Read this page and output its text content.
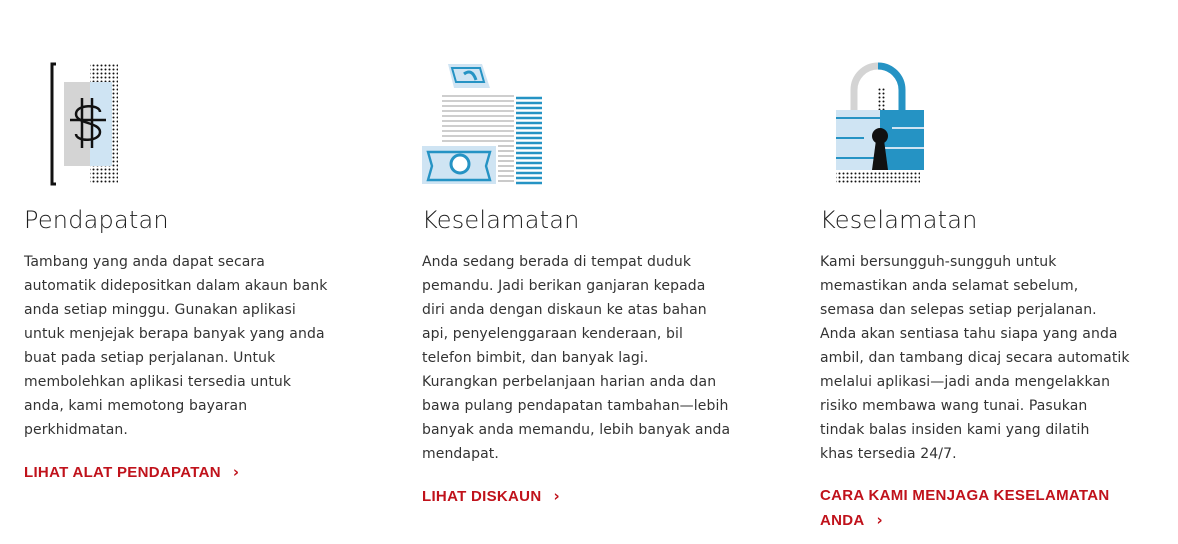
Pendapatan

Tambang yang anda dapat secara
automatik didepositkan dalam akaun bank
anda setiap minggu. Gunakan aplikasi
untuk menjejak berapa banyak yang anda
buat pada setiap perjalanan. Untuk
membolehkan aplikasi tersedia untuk
anda, kami memotong bayaran
perkhidmatan.

LIHAT ALAT PENDAPATAN ›
Keselamatan

Anda sedang berada di tempat duduk
pemandu. Jadi berikan ganjaran kepada
diri anda dengan diskaun ke atas bahan
api, penyelenggaraan kenderaan, bil
telefon bimbit, dan banyak lagi.
Kurangkan perbelanjaan harian anda dan
bawa pulang pendapatan tambahan—lebih
banyak anda memandu, lebih banyak anda
mendapat.

LIHAT DISKAUN ›
Keselamatan

Kami bersungguh-sungguh untuk
memastikan anda selamat sebelum,
semasa dan selepas setiap perjalanan.
Anda akan sentiasa tahu siapa yang anda
ambil, dan tambang dicaj secara automatik
melalui aplikasi—jadi anda mengelakkan
risiko membawa wang tunai. Pasukan
tindak balas insiden kami yang dilatih
khas tersedia 24/7.

CARA KAMI MENJAGA KESELAMATAN
ANDA ›
